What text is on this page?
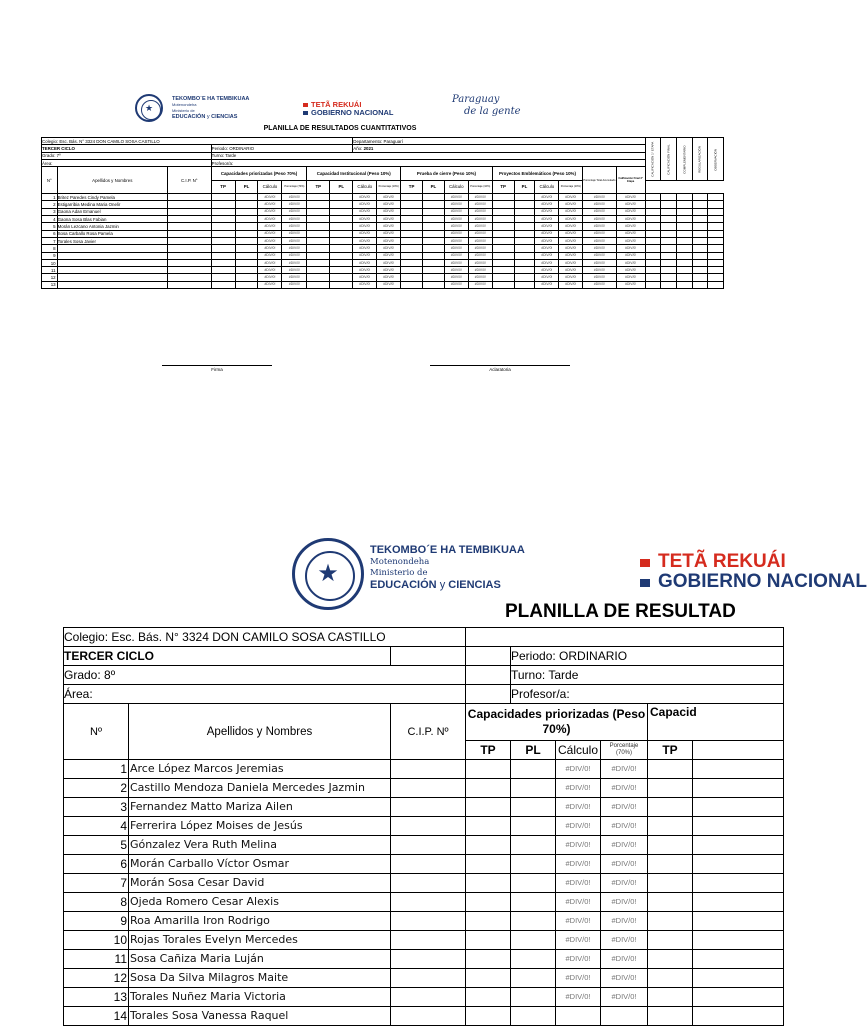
★
TEKOMBO´E HA TEMBIKUAA
Motenondeha
Ministerio de
EDUCACIÓN y CIENCIAS
TETÃ REKUÁI
GOBIERNO NACIONAL
Paraguay
de la gente
PLANILLA DE RESULTADOS CUANTITATIVOS
Colegio: Esc. Bás. N° 3324 DON CAMILO SOSA CASTILLO									Departamento: Paraguarí												CALIFICACIÓN 1° ETAPA	CALIFICACIÓN FINAL	COMPLEMENTARIO	REGULARIZACIÓN	OBSERVACIÓN
TERCER CICLO			Periodo: ORDINARIO						Año: 2021																
Grado: 7º			Turno: Tarde																						
Área:			Profesor/a:																						
N°	Apellidos y Nombres	C.I.P. N°	Capacidades priorizadas (Peso 70%)				Capacidad Institucional (Peso 10%)				Prueba de cierre (Peso 10%)				Proyectos Emblemáticos (Peso 10%)				Porcentaje Total Acumulado	Calificación Final 2° Etapa					
			TP	PL	Cálculo	Porcentaje (70%)	TP	PL	Cálculo	Porcentaje (10%)	TP	PL	Cálculo	Porcentaje (10%)	TP	PL	Cálculo	Porcentaje (10%)							
1	Britez Paredes Cindy Pamela				#DIV/0!	#DIV/0!			#DIV/0!	#DIV/0!			#DIV/0!	#DIV/0!			#DIV/0!	#DIV/0!	#DIV/0!	#DIV/0!					
2	Estigarribia Medina Maria Onelir				#DIV/0!	#DIV/0!			#DIV/0!	#DIV/0!			#DIV/0!	#DIV/0!			#DIV/0!	#DIV/0!	#DIV/0!	#DIV/0!					
3	Gaona Adan Emanuel				#DIV/0!	#DIV/0!			#DIV/0!	#DIV/0!			#DIV/0!	#DIV/0!			#DIV/0!	#DIV/0!	#DIV/0!	#DIV/0!					
4	Gaona Sosa Blas Fabian				#DIV/0!	#DIV/0!			#DIV/0!	#DIV/0!			#DIV/0!	#DIV/0!			#DIV/0!	#DIV/0!	#DIV/0!	#DIV/0!					
5	Morán Lezcano Antonia Jazmin				#DIV/0!	#DIV/0!			#DIV/0!	#DIV/0!			#DIV/0!	#DIV/0!			#DIV/0!	#DIV/0!	#DIV/0!	#DIV/0!					
6	Sosa Carballo Rosa Pamela				#DIV/0!	#DIV/0!			#DIV/0!	#DIV/0!			#DIV/0!	#DIV/0!			#DIV/0!	#DIV/0!	#DIV/0!	#DIV/0!					
7	Torales Sosa Javier				#DIV/0!	#DIV/0!			#DIV/0!	#DIV/0!			#DIV/0!	#DIV/0!			#DIV/0!	#DIV/0!	#DIV/0!	#DIV/0!					
8					#DIV/0!	#DIV/0!			#DIV/0!	#DIV/0!			#DIV/0!	#DIV/0!			#DIV/0!	#DIV/0!	#DIV/0!	#DIV/0!					
9					#DIV/0!	#DIV/0!			#DIV/0!	#DIV/0!			#DIV/0!	#DIV/0!			#DIV/0!	#DIV/0!	#DIV/0!	#DIV/0!					
10					#DIV/0!	#DIV/0!			#DIV/0!	#DIV/0!			#DIV/0!	#DIV/0!			#DIV/0!	#DIV/0!	#DIV/0!	#DIV/0!					
11					#DIV/0!	#DIV/0!			#DIV/0!	#DIV/0!			#DIV/0!	#DIV/0!			#DIV/0!	#DIV/0!	#DIV/0!	#DIV/0!					
12					#DIV/0!	#DIV/0!			#DIV/0!	#DIV/0!			#DIV/0!	#DIV/0!			#DIV/0!	#DIV/0!	#DIV/0!	#DIV/0!					
13					#DIV/0!	#DIV/0!			#DIV/0!	#DIV/0!			#DIV/0!	#DIV/0!			#DIV/0!	#DIV/0!	#DIV/0!	#DIV/0!					
Firma	Aclaratoria
★
TEKOMBO´E HA TEMBIKUAA
Motenondeha
Ministerio de
EDUCACIÓN y CIENCIAS
TETÃ REKUÁI
GOBIERNO NACIONAL
PLANILLA DE RESULTAD
Colegio: Esc. Bás. N° 3324 DON CAMILO SOSA CASTILLO								
TERCER CICLO				Periodo: ORDINARIO				
Grado: 8º				Turno: Tarde				
Área:				Profesor/a:				
Nº	Apellidos y Nombres	C.I.P. Nº	Capacidades priorizadas (Peso 70%)				Capacid	
			TP	PL	Cálculo	Porcentaje (70%)	TP	
1	Arce López Marcos Jeremias				#DIV/0!	#DIV/0!		
2	Castillo Mendoza Daniela Mercedes Jazmin				#DIV/0!	#DIV/0!		
3	Fernandez Matto Mariza Ailen				#DIV/0!	#DIV/0!		
4	Ferrerira López Moises de Jesús				#DIV/0!	#DIV/0!		
5	Gónzalez Vera Ruth Melina				#DIV/0!	#DIV/0!		
6	Morán Carballo Víctor Osmar				#DIV/0!	#DIV/0!		
7	Morán Sosa Cesar David				#DIV/0!	#DIV/0!		
8	Ojeda Romero Cesar Alexis				#DIV/0!	#DIV/0!		
9	Roa Amarilla Iron Rodrigo				#DIV/0!	#DIV/0!		
10	Rojas Torales Evelyn Mercedes				#DIV/0!	#DIV/0!		
11	Sosa Cañiza Maria Luján				#DIV/0!	#DIV/0!		
12	Sosa Da Silva Milagros Maite				#DIV/0!	#DIV/0!		
13	Torales Nuñez Maria Victoria				#DIV/0!	#DIV/0!		
14	Torales Sosa Vanessa Raquel							
